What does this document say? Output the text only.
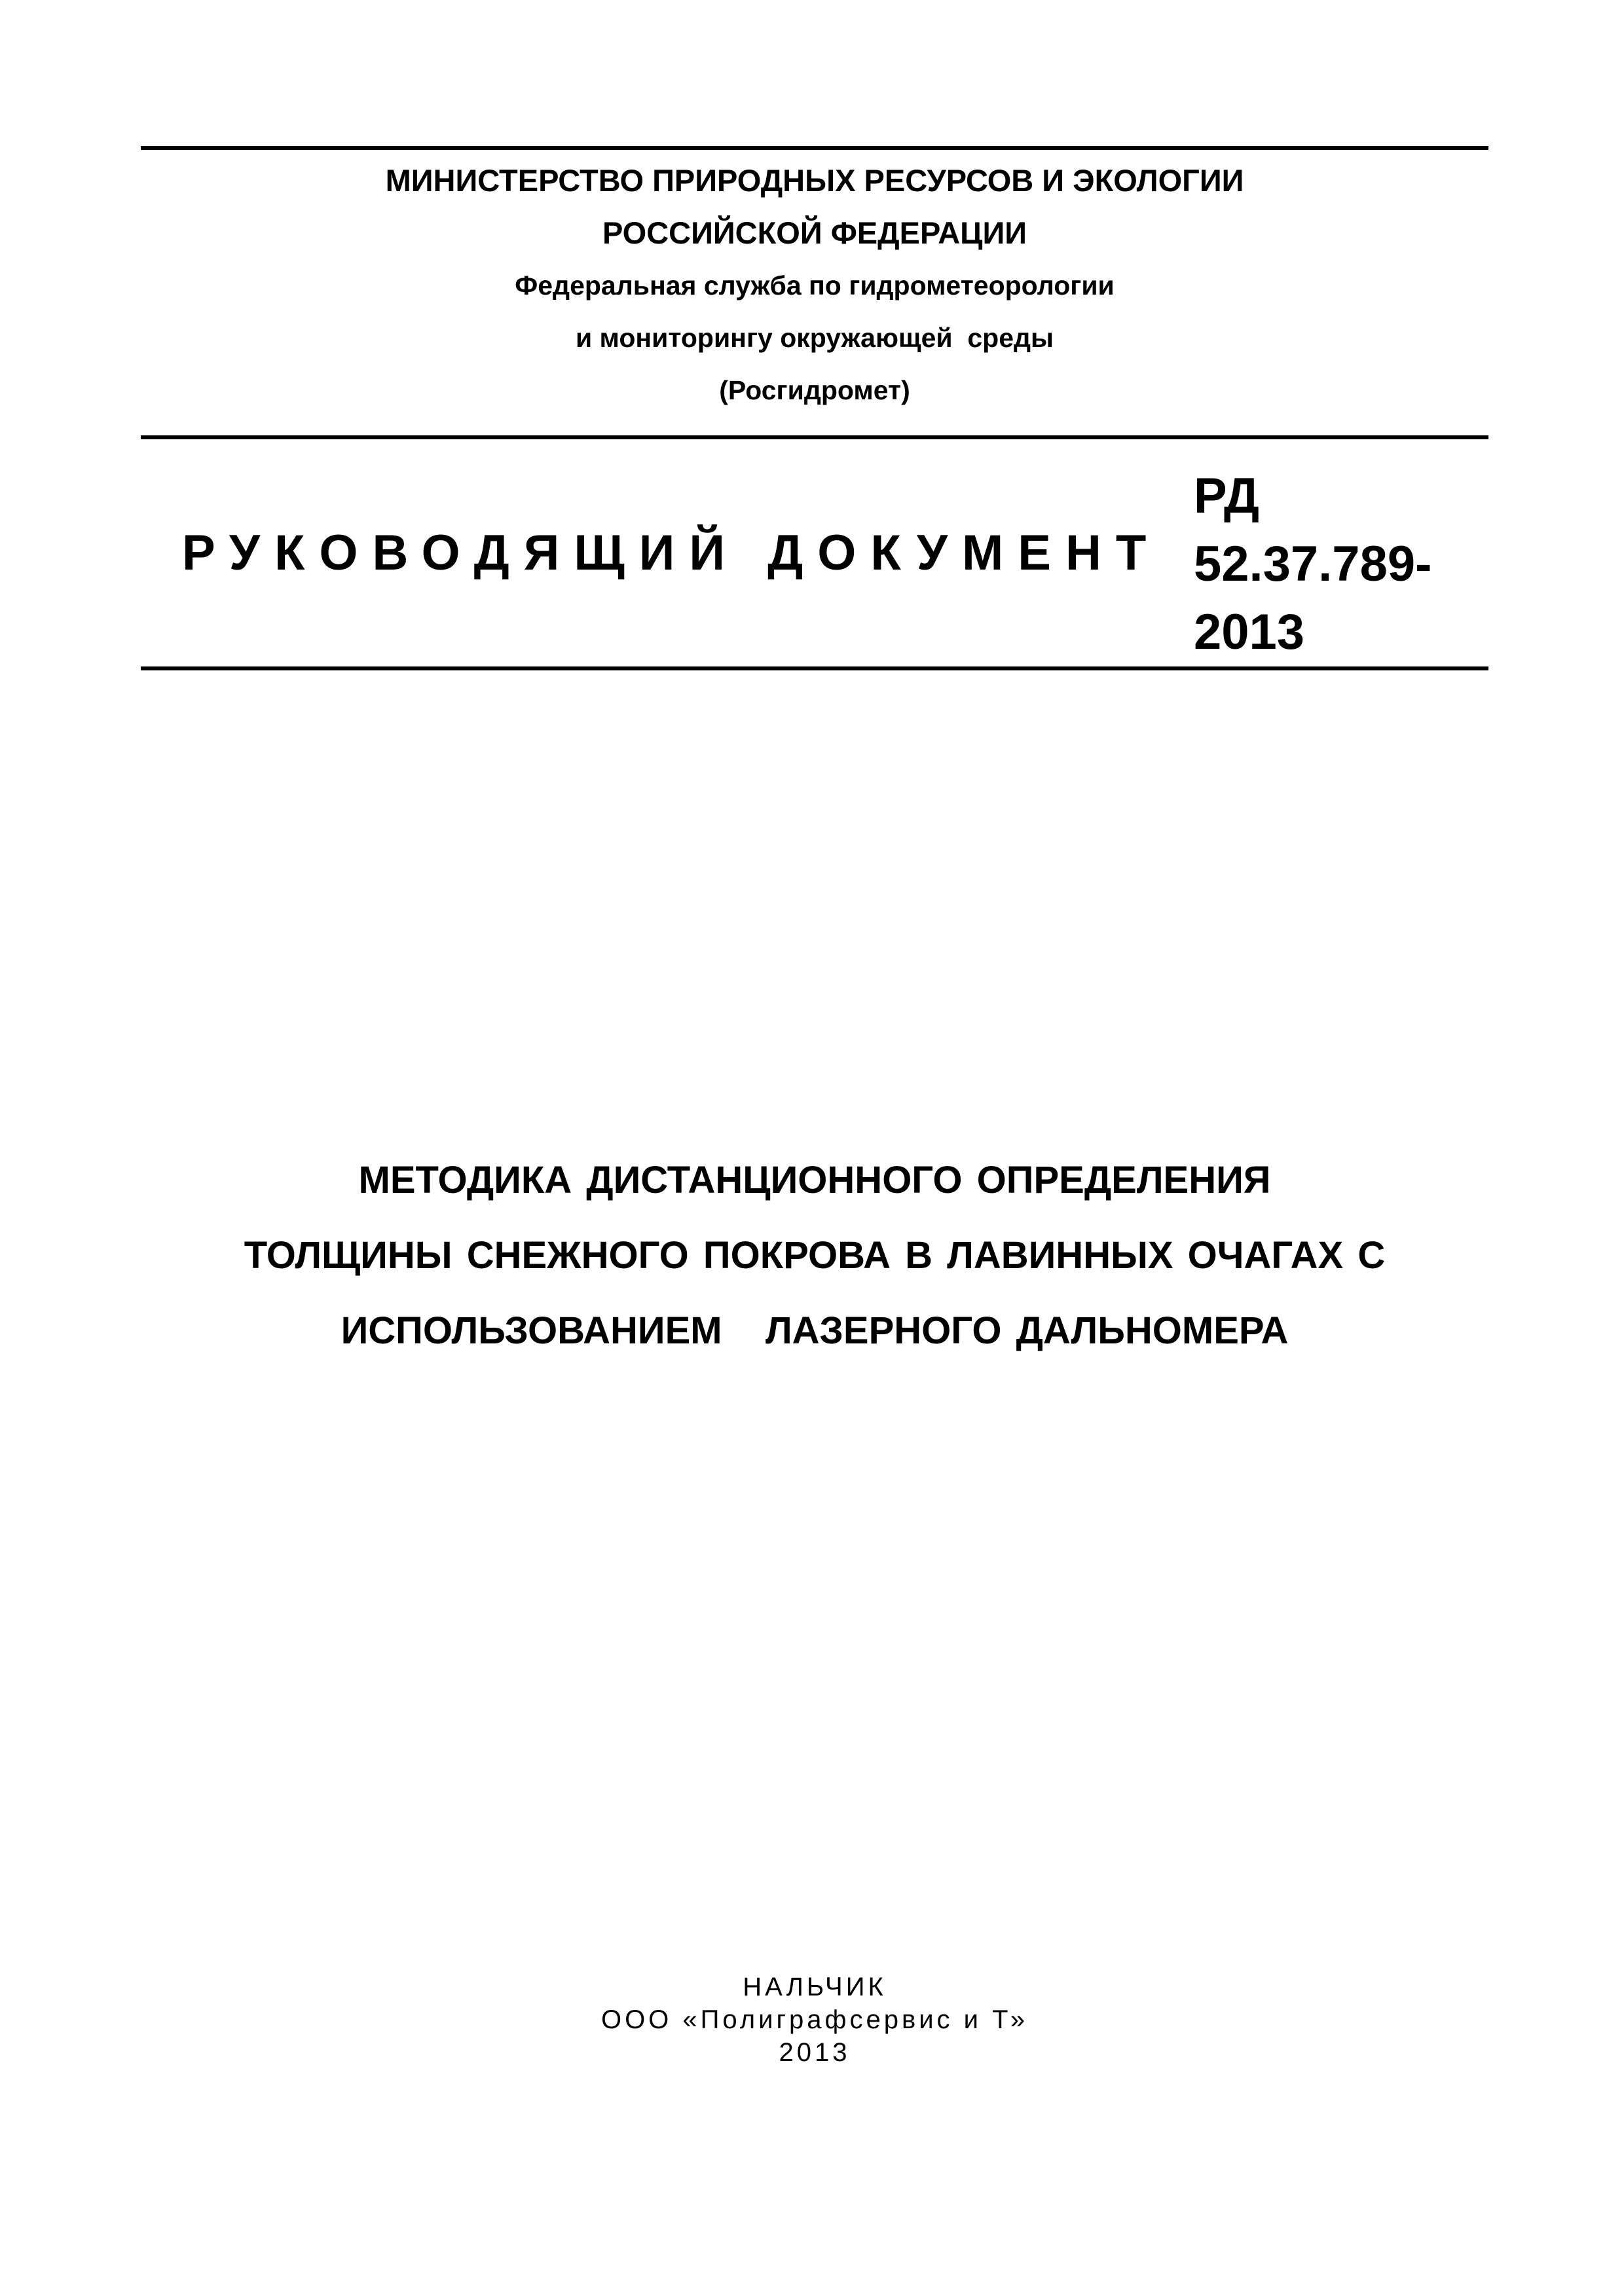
МИНИСТЕРСТВО ПРИРОДНЫХ РЕСУРСОВ И ЭКОЛОГИИ
РОССИЙСКОЙ ФЕДЕРАЦИИ
Федеральная служба по гидрометеорологии
и мониторингу окружающей  среды
(Росгидромет)
РУКОВОДЯЩИЙ ДОКУМЕНТ
РД
52.37.789-
2013
МЕТОДИКА ДИСТАНЦИОННОГО ОПРЕДЕЛЕНИЯ
ТОЛЩИНЫ СНЕЖНОГО ПОКРОВА В ЛАВИННЫХ ОЧАГАХ С
ИСПОЛЬЗОВАНИЕМ   ЛАЗЕРНОГО ДАЛЬНОМЕРА
НАЛЬЧИК
ООО «Полиграфсервис и Т»
2013
